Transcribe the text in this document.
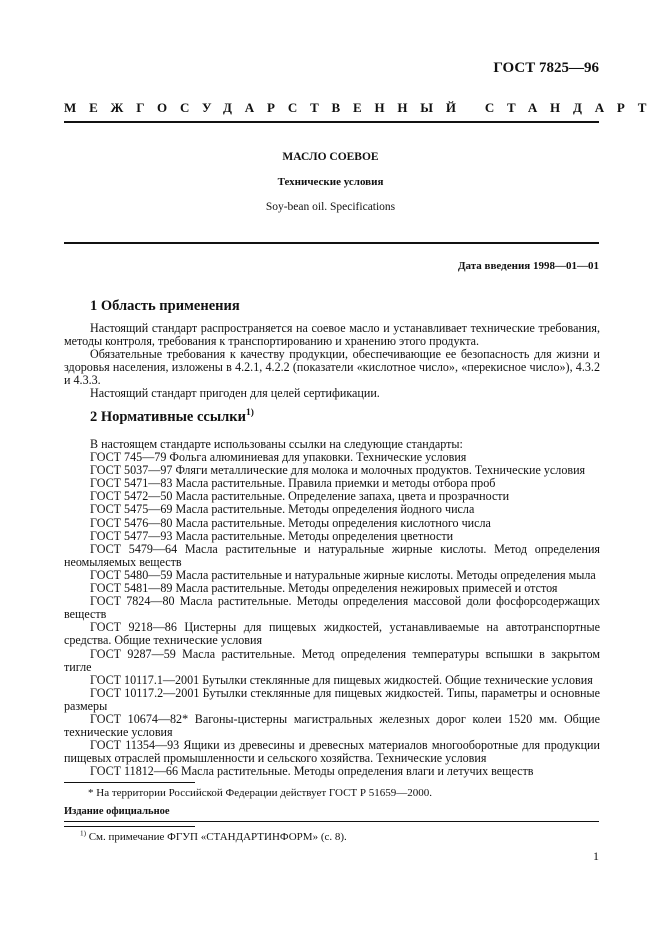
ГОСТ 7825—96
МЕЖГОСУДАРСТВЕННЫЙ СТАНДАРТ
МАСЛО СОЕВОЕ
Технические условия
Soy-bean oil. Specifications
Дата введения 1998—01—01
1 Область применения

Настоящий стандарт распространяется на соевое масло и устанавливает технические требования, методы контроля, требования к транспортированию и хранению этого продукта.

Обязательные требования к качеству продукции, обеспечивающие ее безопасность для жизни и здоровья населения, изложены в 4.2.1, 4.2.2 (показатели «кислотное число», «перекисное число»), 4.3.2 и 4.3.3.

Настоящий стандарт пригоден для целей сертификации.

2 Нормативные ссылки$^{1)}$

В настоящем стандарте использованы ссылки на следующие стандарты:

ГОСТ 745—79 Фольга алюминиевая для упаковки. Технические условия

ГОСТ 5037—97 Фляги металлические для молока и молочных продуктов. Технические условия

ГОСТ 5471—83 Масла растительные. Правила приемки и методы отбора проб

ГОСТ 5472—50 Масла растительные. Определение запаха, цвета и прозрачности

ГОСТ 5475—69 Масла растительные. Методы определения йодного числа

ГОСТ 5476—80 Масла растительные. Методы определения кислотного числа

ГОСТ 5477—93 Масла растительные. Методы определения цветности

ГОСТ 5479—64 Масла растительные и натуральные жирные кислоты. Метод определения неомыляемых веществ

ГОСТ 5480—59 Масла растительные и натуральные жирные кислоты. Методы определения мыла

ГОСТ 5481—89 Масла растительные. Методы определения нежировых примесей и отстоя

ГОСТ 7824—80 Масла растительные. Методы определения массовой доли фосфорсодержащих веществ

ГОСТ 9218—86 Цистерны для пищевых жидкостей, устанавливаемые на автотранспортные средства. Общие технические условия

ГОСТ 9287—59 Масла растительные. Метод определения температуры вспышки в закрытом тигле

ГОСТ 10117.1—2001 Бутылки стеклянные для пищевых жидкостей. Общие технические условия

ГОСТ 10117.2—2001 Бутылки стеклянные для пищевых жидкостей. Типы, параметры и основные размеры

ГОСТ 10674—82* Вагоны-цистерны магистральных железных дорог колеи 1520 мм. Общие технические условия

ГОСТ 11354—93 Ящики из древесины и древесных материалов многооборотные для продукции пищевых отраслей промышленности и сельского хозяйства. Технические условия

ГОСТ 11812—66 Масла растительные. Методы определения влаги и летучих веществ

* На территории Российской Федерации действует ГОСТ Р 51659—2000.
Издание официальное
$^{1)}$ См. примечание ФГУП «СТАНДАРТИНФОРМ» (с. 8).
1
